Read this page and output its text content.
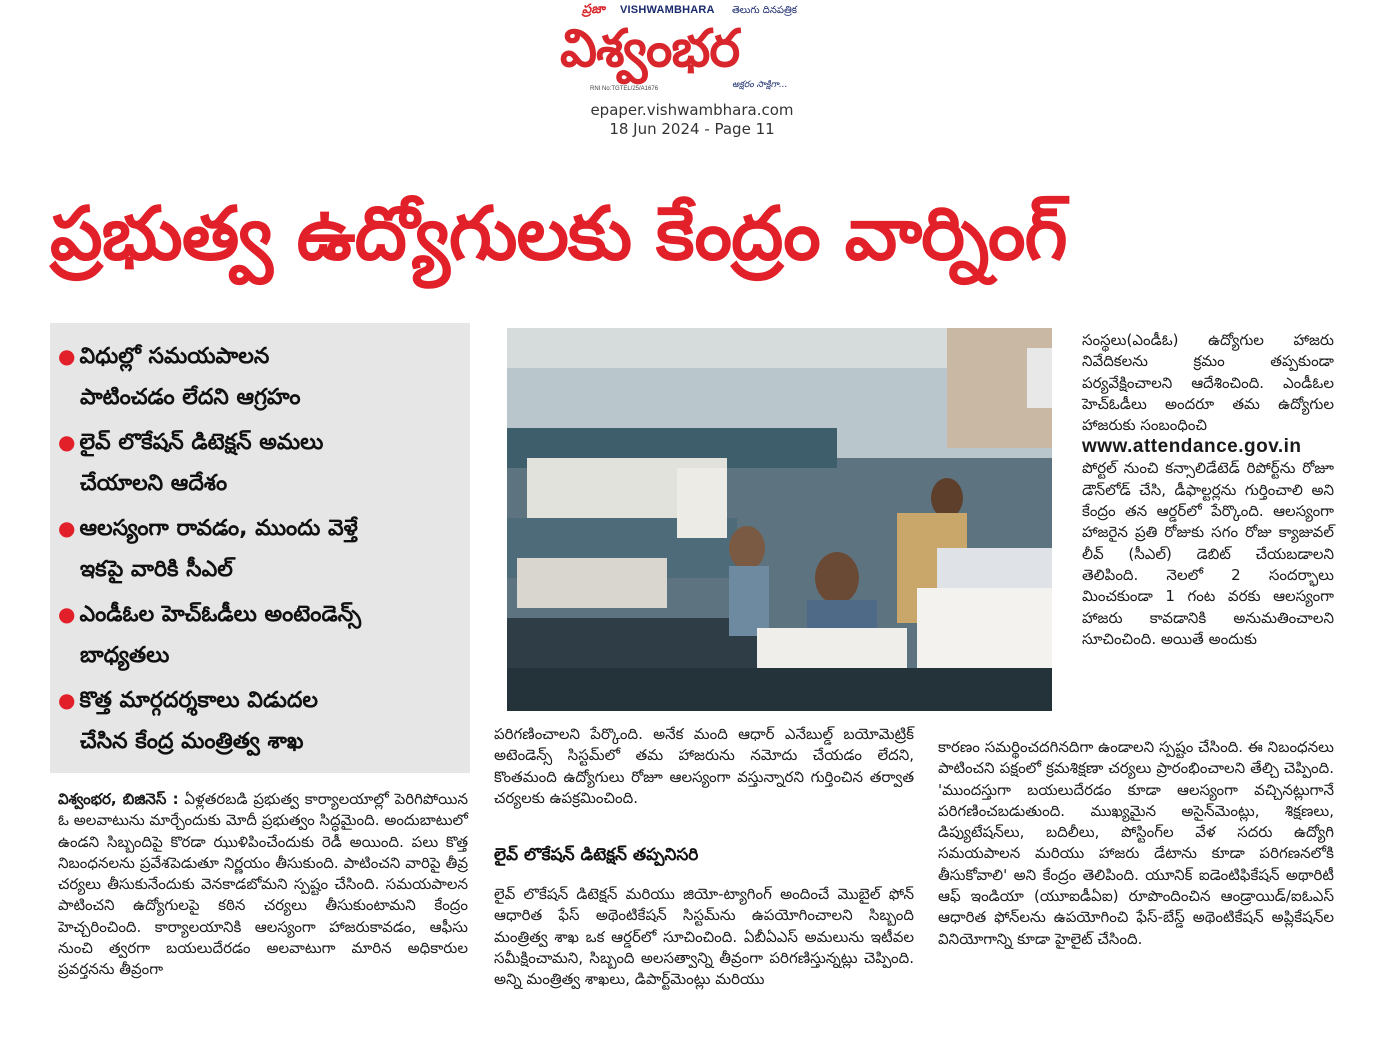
ప్రజా VISHWAMBHARA తెలుగు దినపత్రిక
విశ్వంభర
RNI No:TGTEL/25/A1676	అక్షరం సాక్షిగా...
epaper.vishwambhara.com
18 Jun 2024 - Page 11
ప్రభుత్వ ఉద్యోగులకు కేంద్రం వార్నింగ్
● విధుల్లో సమయపాలన
పాటించడం లేదని ఆగ్రహం
● లైవ్ లొకేషన్ డిటెక్షన్ అమలు
చేయాలని ఆదేశం
● ఆలస్యంగా రావడం, ముందు వెళ్తే
ఇకపై వారికి సీఎల్
● ఎండీఓల హెచ్ఓడీలు అంటెండెన్స్
బాధ్యతలు
● కొత్త మార్గదర్శకాలు విడుదల
చేసిన కేంద్ర మంత్రిత్వ శాఖ

విశ్వంభర, బిజినెస్ : ఏళ్లతరబడి ప్రభుత్వ కార్యాలయాల్లో పెరిగిపోయిన ఓ అలవాటును మార్చేందుకు మోదీ ప్రభుత్వం సిద్ధమైంది. అందుబాటులో ఉండని సిబ్బందిపై కొరడా ఝుళిపించేందుకు రెడీ అయింది. పలు కొత్త నిబంధనలను ప్రవేశపెడుతూ నిర్ణయం తీసుకుంది. పాటించని వారిపై తీవ్ర చర్యలు తీసుకునేందుకు వెనకాడబోమని స్పష్టం చేసింది. సమయపాలన పాటించని ఉద్యోగులపై కఠిన చర్యలు తీసుకుంటామని కేంద్రం హెచ్చరించింది. కార్యాలయానికి ఆలస్యంగా హాజరుకావడం, ఆఫీసు నుంచి త్వరగా బయలుదేరడం అలవాటుగా మారిన అధికారుల ప్రవర్తనను తీవ్రంగా

పరిగణించాలని పేర్కొంది. అనేక మంది ఆధార్ ఎనేబుల్డ్ బయోమెట్రిక్ అటెండెన్స్ సిస్టమ్‌లో తమ హాజరును నమోదు చేయడం లేదని, కొంతమంది ఉద్యోగులు రోజూ ఆలస్యంగా వస్తున్నారని గుర్తించిన తర్వాత చర్యలకు ఉపక్రమించింది.
లైవ్ లొకేషన్ డిటెక్షన్ తప్పనిసరి
లైవ్ లొకేషన్ డిటెక్షన్ మరియు జియో-ట్యాగింగ్ అందించే మొబైల్ ఫోన్ ఆధారిత ఫేస్ అథెంటికేషన్ సిస్టమ్‌ను ఉపయోగించాలని సిబ్బంది మంత్రిత్వ శాఖ ఒక ఆర్డర్‌లో సూచించింది. ఏబీఏఎస్ అమలును ఇటీవల సమీక్షించామని, సిబ్బంది అలసత్వాన్ని తీవ్రంగా పరిగణిస్తున్నట్లు చెప్పింది. అన్ని మంత్రిత్వ శాఖలు, డిపార్ట్‌మెంట్లు మరియు

సంస్థలు(ఎండీఓ) ఉద్యోగుల హాజరు నివేదికలను క్రమం తప్పకుండా పర్యవేక్షించాలని ఆదేశించింది. ఎండీఓల హెచ్ఓడీలు అందరూ తమ ఉద్యోగుల హాజరుకు సంబంధించి

www.attendance.gov.in

పోర్టల్ నుంచి కన్సాలిడేటెడ్ రిపోర్ట్‌ను రోజూ డౌన్‌లోడ్ చేసి, డీఫాల్టర్లను గుర్తించాలి అని కేంద్రం తన ఆర్డర్‌లో పేర్కొంది. ఆలస్యంగా హాజరైన ప్రతి రోజుకు సగం రోజు క్యాజువల్ లీవ్ (సీఎల్) డెబిట్ చేయబడాలని తెలిపింది. నెలలో 2 సందర్భాలు మించకుండా 1 గంట వరకు ఆలస్యంగా హాజరు కావడానికి అనుమతించాలని సూచించింది. అయితే అందుకు

కారణం సమర్థించదగినదిగా ఉండాలని స్పష్టం చేసింది. ఈ నిబంధనలు పాటించని పక్షంలో క్రమశిక్షణా చర్యలు ప్రారంభించాలని తేల్చి చెప్పింది. 'ముందస్తుగా బయలుదేరడం కూడా ఆలస్యంగా వచ్చినట్లుగానే పరిగణించబడుతుంది. ముఖ్యమైన అసైన్‌మెంట్లు, శిక్షణలు, డిప్యుటేషన్‌లు, బదిలీలు, పోస్టింగ్‌ల వేళ సదరు ఉద్యోగి సమయపాలన మరియు హాజరు డేటాను కూడా పరిగణనలోకి తీసుకోవాలి' అని కేంద్రం తెలిపింది. యూనిక్ ఐడెంటిఫికేషన్ అథారిటీ ఆఫ్ ఇండియా (యూఐడీఏఐ) రూపొందించిన ఆండ్రాయిడ్/ఐఓఎస్ ఆధారిత ఫోన్‌లను ఉపయోగించి ఫేస్-బేస్డ్ అథెంటికేషన్ అప్లికేషన్‌ల వినియోగాన్ని కూడా హైలైట్ చేసింది.
